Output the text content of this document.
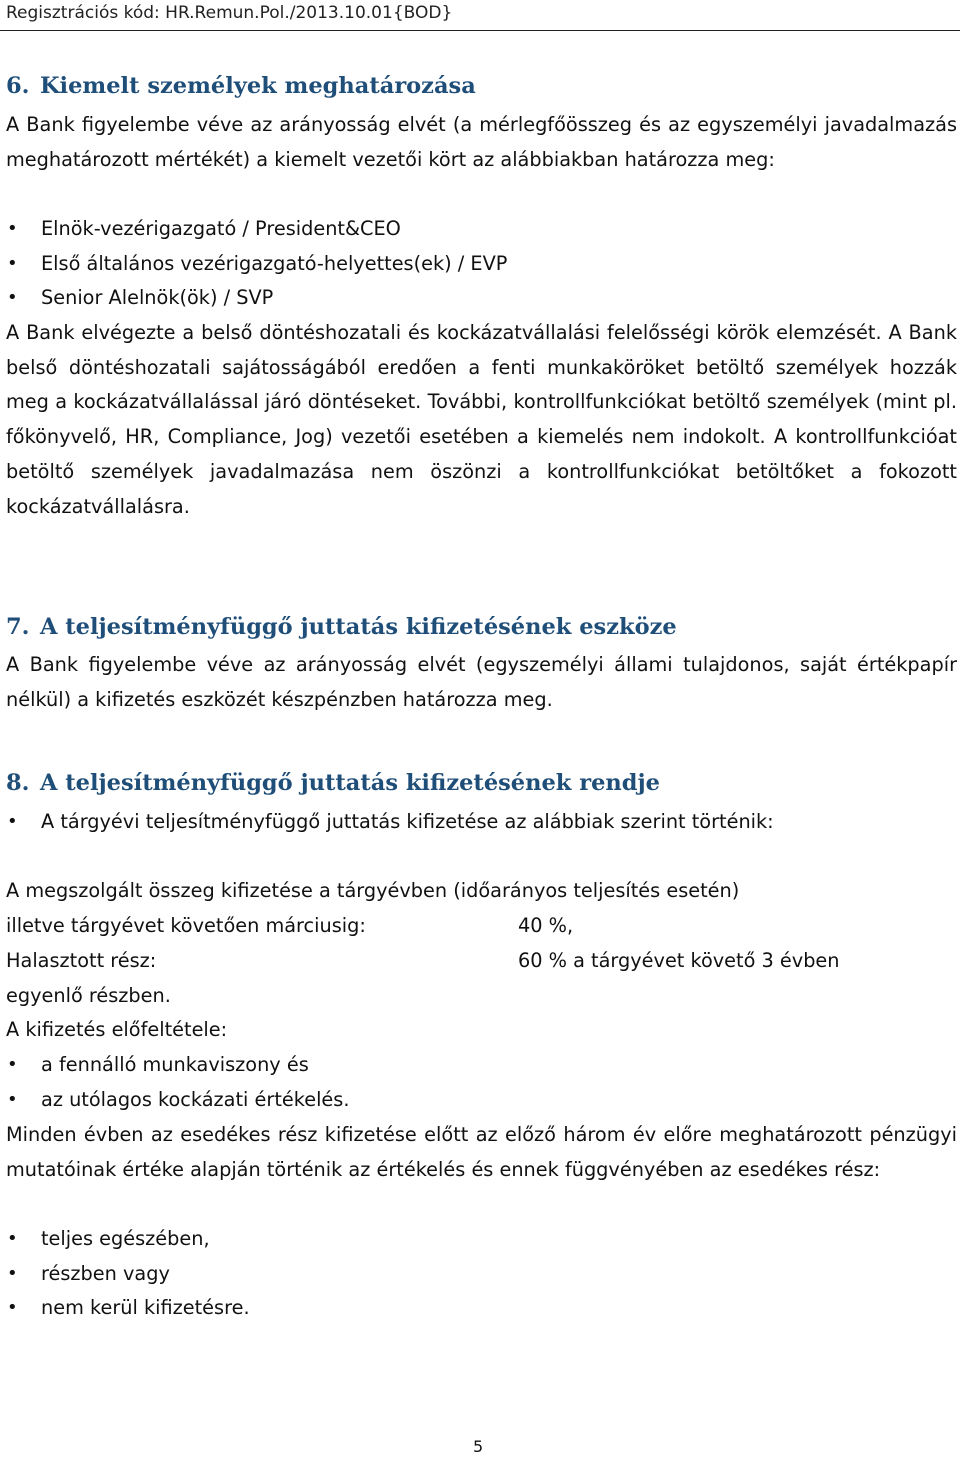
Regisztrációs kód: HR.Remun.Pol./2013.10.01{BOD}
6. Kiemelt személyek meghatározása

A Bank figyelembe véve az arányosság elvét (a mérlegfőösszeg és az egyszemélyi javadalmazás meghatározott mértékét) a kiemelt vezetői kört az alábbiakban határozza meg:

• Elnök-vezérigazgató / President&CEO
• Első általános vezérigazgató-helyettes(ek) / EVP
• Senior Alelnök(ök) / SVP

A Bank elvégezte a belső döntéshozatali és kockázatvállalási felelősségi körök elemzését. A Bank belső döntéshozatali sajátosságából eredően a fenti munkaköröket betöltő személyek hozzák meg a kockázatvállalással járó döntéseket. További, kontrollfunkciókat betöltő személyek (mint pl. főkönyvelő, HR, Compliance, Jog) vezetői esetében a kiemelés nem indokolt. A kontrollfunkcióat betöltő személyek javadalmazása nem öszönzi a kontrollfunkciókat betöltőket a fokozott kockázatvállalásra.

7. A teljesítményfüggő juttatás kifizetésének eszköze

A Bank figyelembe véve az arányosság elvét (egyszemélyi állami tulajdonos, saját értékpapír nélkül) a kifizetés eszközét készpénzben határozza meg.

8. A teljesítményfüggő juttatás kifizetésének rendje
• A tárgyévi teljesítményfüggő juttatás kifizetése az alábbiak szerint történik:

A megszolgált összeg kifizetése a tárgyévben (időarányos teljesítés esetén)

illetve tárgyévet követően márciusig:	40 %,
Halasztott rész:	60 % a tárgyévet követő 3 évben
egyenlő részben.
A kifizetés előfeltétele:
• a fennálló munkaviszony és
• az utólagos kockázati értékelés.

Minden évben az esedékes rész kifizetése előtt az előző három év előre meghatározott pénzügyi mutatóinak értéke alapján történik az értékelés és ennek függvényében az esedékes rész:

• teljes egészében,
• részben vagy
• nem kerül kifizetésre.
5
